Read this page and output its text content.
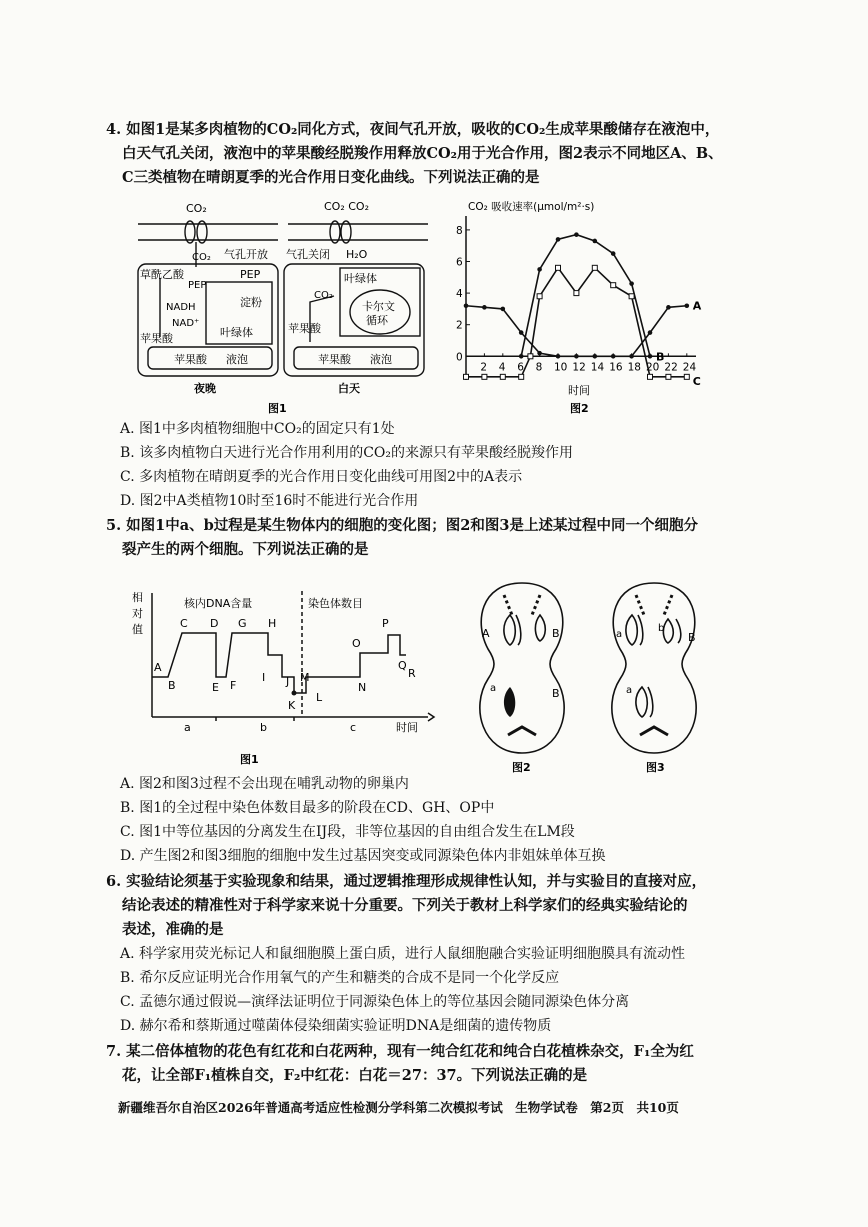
4. 如图1是某多肉植物的CO₂同化方式，夜间气孔开放，吸收的CO₂生成苹果酸储存在液泡中，
白天气孔关闭，液泡中的苹果酸经脱羧作用释放CO₂用于光合作用，图2表示不同地区A、B、
C三类植物在晴朗夏季的光合作用日变化曲线。下列说法正确的是
CO₂	CO₂ CO₂
气孔开放 气孔关闭 H₂O
CO₂
草酰乙酸	PEP
PEP
NADH
NAD⁺
淀粉
叶绿体
苹果酸
苹果酸 液泡
叶绿体
CO₂
卡尔文
循环
苹果酸
苹果酸 液泡
夜晚	白天
图1
CO₂ 吸收速率(μmol/m²·s)
时间
图2
0
2
4
6
8
2 4 6 8 10 12 14 16 18 20 22 24
A
B
C
A. 图1中多肉植物细胞中CO₂的固定只有1处
B. 该多肉植物白天进行光合作用利用的CO₂的来源只有苹果酸经脱羧作用
C. 多肉植物在晴朗夏季的光合作用日变化曲线可用图2中的A表示
D. 图2中A类植物10时至16时不能进行光合作用
5. 如图1中a、b过程是某生物体内的细胞的变化图；图2和图3是上述某过程中同一个细胞分
裂产生的两个细胞。下列说法正确的是
相
对
值
核内DNA含量	染色体数目
时间
a	b	c
A
B
C D
E F
G H
I J
K
L
M
N
O
P
Q
R
图1
A	B
a	B
图2
a
b
B
a
图3
A. 图2和图3过程不会出现在哺乳动物的卵巢内
B. 图1的全过程中染色体数目最多的阶段在CD、GH、OP中
C. 图1中等位基因的分离发生在IJ段，非等位基因的自由组合发生在LM段
D. 产生图2和图3细胞的细胞中发生过基因突变或同源染色体内非姐妹单体互换
6. 实验结论须基于实验现象和结果，通过逻辑推理形成规律性认知，并与实验目的直接对应，
结论表述的精准性对于科学家来说十分重要。下列关于教材上科学家们的经典实验结论的
表述，准确的是
A. 科学家用荧光标记人和鼠细胞膜上蛋白质，进行人鼠细胞融合实验证明细胞膜具有流动性
B. 希尔反应证明光合作用氧气的产生和糖类的合成不是同一个化学反应
C. 孟德尔通过假说—演绎法证明位于同源染色体上的等位基因会随同源染色体分离
D. 赫尔希和蔡斯通过噬菌体侵染细菌实验证明DNA是细菌的遗传物质
7. 某二倍体植物的花色有红花和白花两种，现有一纯合红花和纯合白花植株杂交，F₁全为红
花，让全部F₁植株自交，F₂中红花：白花＝27：37。下列说法正确的是
新疆维吾尔自治区2026年普通高考适应性检测分学科第二次模拟考试　生物学试卷　第2页　共10页
